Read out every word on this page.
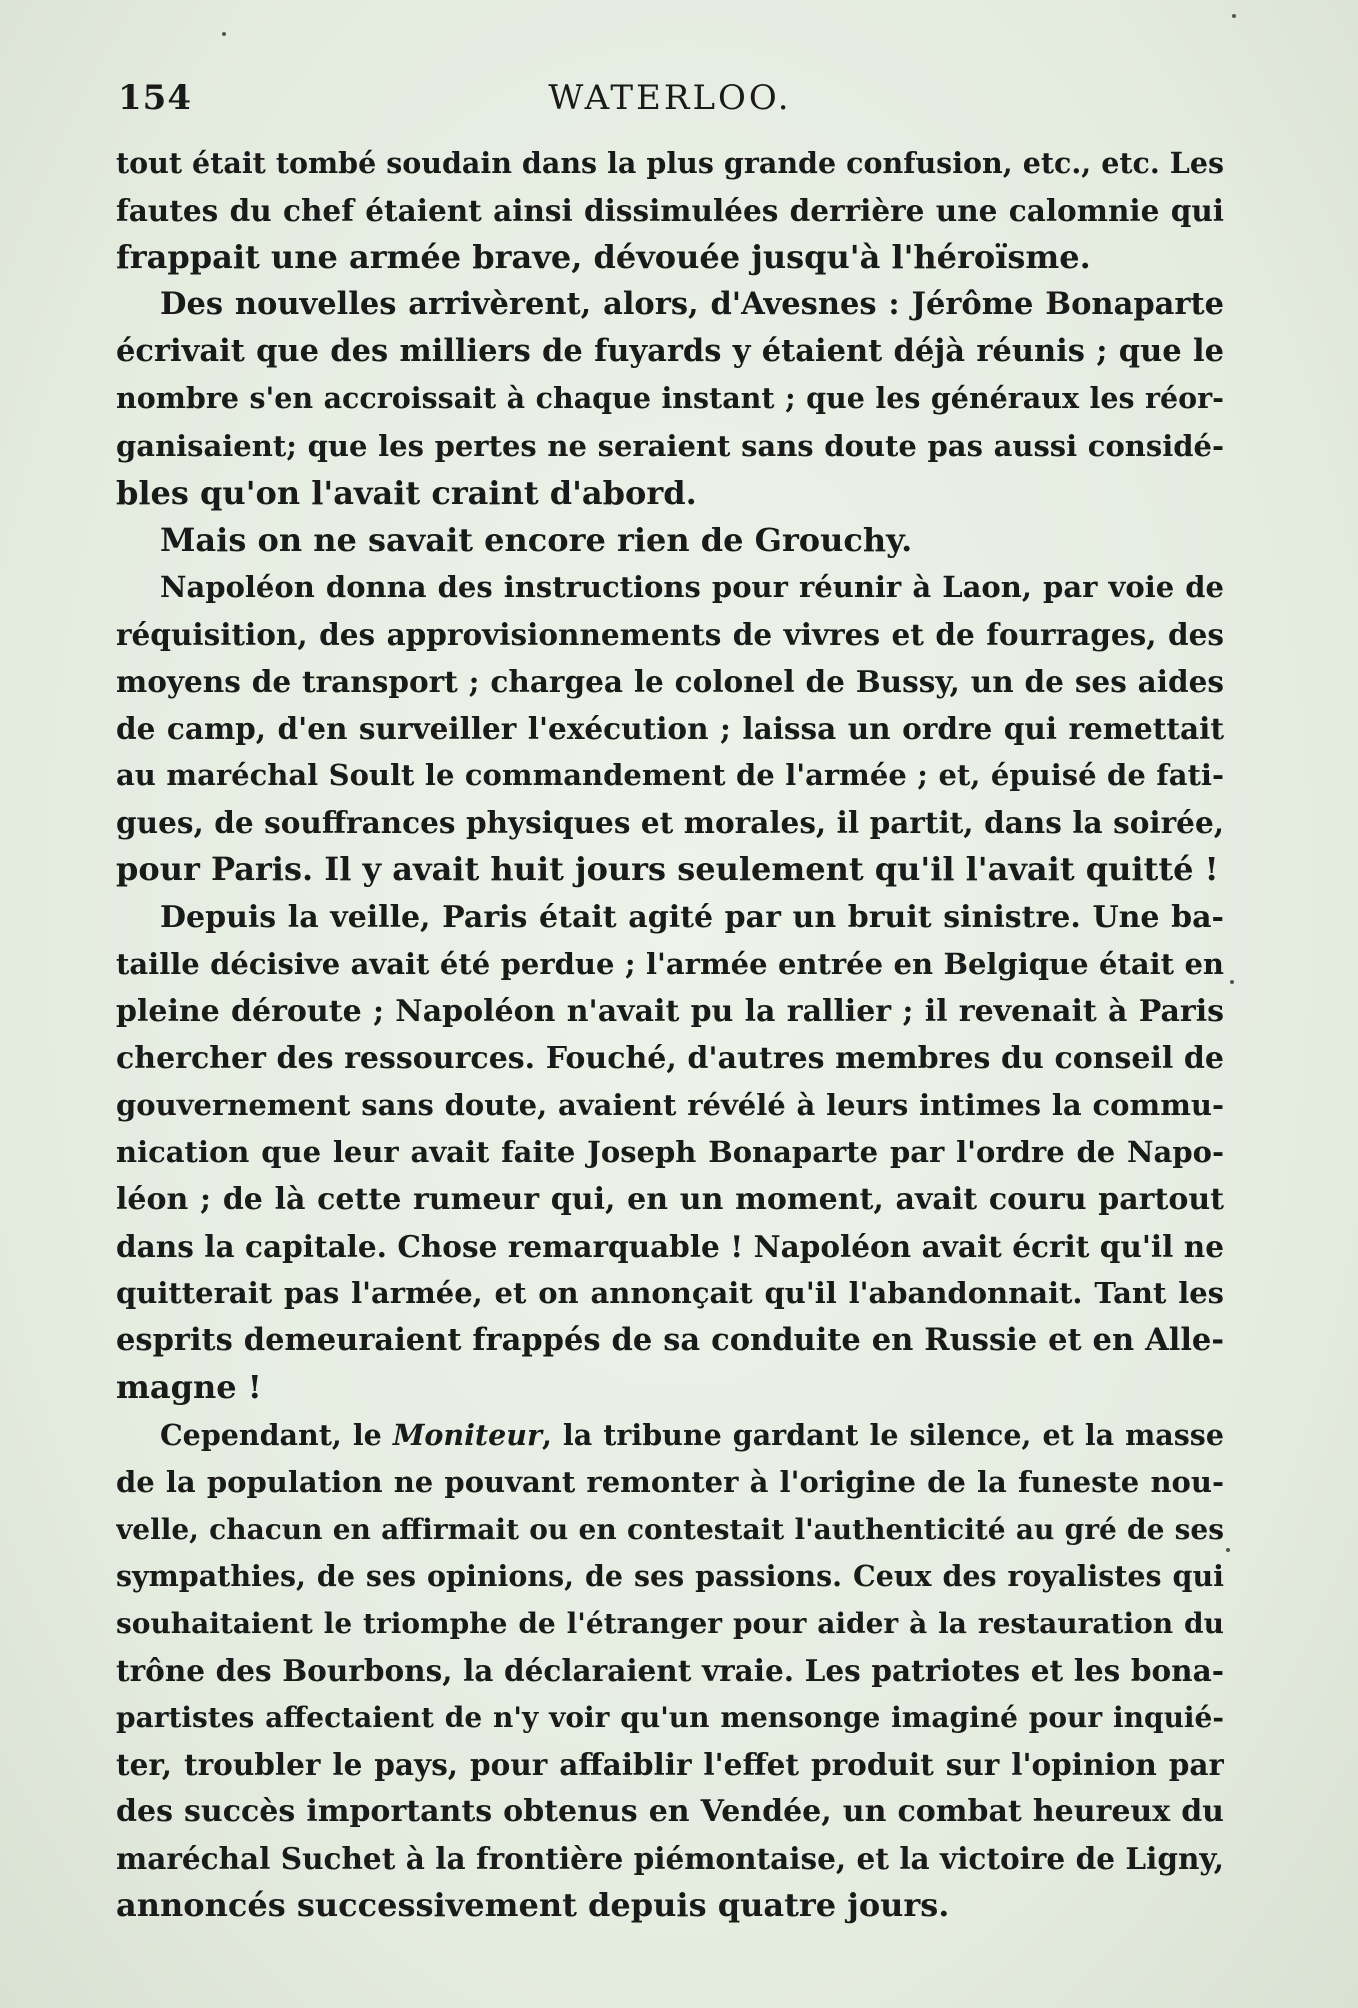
154	WATERLOO.
tout était tombé soudain dans la plus grande confusion, etc., etc. Les
fautes du chef étaient ainsi dissimulées derrière une calomnie qui
frappait une armée brave, dévouée jusqu'à l'héroïsme.
Des nouvelles arrivèrent, alors, d'Avesnes : Jérôme Bonaparte
écrivait que des milliers de fuyards y étaient déjà réunis ; que le
nombre s'en accroissait à chaque instant ; que les généraux les réor-
ganisaient; que les pertes ne seraient sans doute pas aussi considé-
bles qu'on l'avait craint d'abord.
Mais on ne savait encore rien de Grouchy.
Napoléon donna des instructions pour réunir à Laon, par voie de
réquisition, des approvisionnements de vivres et de fourrages, des
moyens de transport ; chargea le colonel de Bussy, un de ses aides
de camp, d'en surveiller l'exécution ; laissa un ordre qui remettait
au maréchal Soult le commandement de l'armée ; et, épuisé de fati-
gues, de souffrances physiques et morales, il partit, dans la soirée,
pour Paris. Il y avait huit jours seulement qu'il l'avait quitté !
Depuis la veille, Paris était agité par un bruit sinistre. Une ba-
taille décisive avait été perdue ; l'armée entrée en Belgique était en
pleine déroute ; Napoléon n'avait pu la rallier ; il revenait à Paris
chercher des ressources. Fouché, d'autres membres du conseil de
gouvernement sans doute, avaient révélé à leurs intimes la commu-
nication que leur avait faite Joseph Bonaparte par l'ordre de Napo-
léon ; de là cette rumeur qui, en un moment, avait couru partout
dans la capitale. Chose remarquable ! Napoléon avait écrit qu'il ne
quitterait pas l'armée, et on annonçait qu'il l'abandonnait. Tant les
esprits demeuraient frappés de sa conduite en Russie et en Alle-
magne !
Cependant, le Moniteur, la tribune gardant le silence, et la masse
de la population ne pouvant remonter à l'origine de la funeste nou-
velle, chacun en affirmait ou en contestait l'authenticité au gré de ses
sympathies, de ses opinions, de ses passions. Ceux des royalistes qui
souhaitaient le triomphe de l'étranger pour aider à la restauration du
trône des Bourbons, la déclaraient vraie. Les patriotes et les bona-
partistes affectaient de n'y voir qu'un mensonge imaginé pour inquié-
ter, troubler le pays, pour affaiblir l'effet produit sur l'opinion par
des succès importants obtenus en Vendée, un combat heureux du
maréchal Suchet à la frontière piémontaise, et la victoire de Ligny,
annoncés successivement depuis quatre jours.
